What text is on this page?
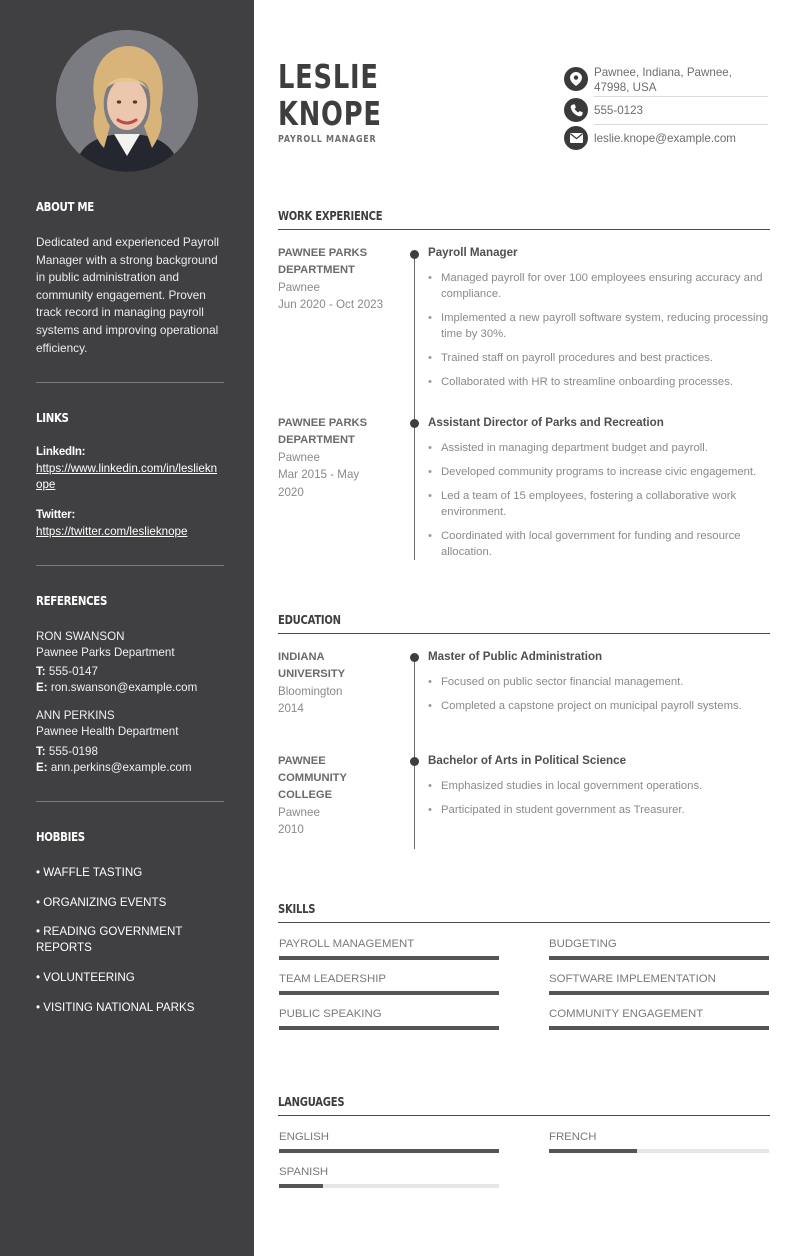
ABOUT ME
Dedicated and experienced Payroll Manager with a strong background in public administration and community engagement. Proven track record in managing payroll systems and improving operational efficiency.
LINKS
LinkedIn:
https://www.linkedin.com/in/leslieknope
Twitter:
https://twitter.com/leslieknope
REFERENCES
RON SWANSON
Pawnee Parks Department
T: 555-0147
E: ron.swanson@example.com
ANN PERKINS
Pawnee Health Department
T: 555-0198
E: ann.perkins@example.com
HOBBIES
• WAFFLE TASTING
• ORGANIZING EVENTS
• READING GOVERNMENT REPORTS
• VOLUNTEERING
• VISITING NATIONAL PARKS
LESLIE
KNOPE
PAYROLL MANAGER
Pawnee, Indiana, Pawnee, 47998, USA
555-0123
leslie.knope@example.com
WORK EXPERIENCE
PAWNEE PARKS DEPARTMENT
Pawnee
Jun 2020 - Oct 2023
Payroll Manager
• Managed payroll for over 100 employees ensuring accuracy and compliance.
• Implemented a new payroll software system, reducing processing time by 30%.
• Trained staff on payroll procedures and best practices.
• Collaborated with HR to streamline onboarding processes.
PAWNEE PARKS DEPARTMENT
Pawnee
Mar 2015 - May 2020
Assistant Director of Parks and Recreation
• Assisted in managing department budget and payroll.
• Developed community programs to increase civic engagement.
• Led a team of 15 employees, fostering a collaborative work environment.
• Coordinated with local government for funding and resource allocation.
EDUCATION
INDIANA UNIVERSITY
Bloomington
2014
Master of Public Administration
• Focused on public sector financial management.
• Completed a capstone project on municipal payroll systems.
PAWNEE COMMUNITY COLLEGE
Pawnee
2010
Bachelor of Arts in Political Science
• Emphasized studies in local government operations.
• Participated in student government as Treasurer.
SKILLS
PAYROLL MANAGEMENT	BUDGETING
TEAM LEADERSHIP	SOFTWARE IMPLEMENTATION
PUBLIC SPEAKING	COMMUNITY ENGAGEMENT
LANGUAGES
ENGLISH	FRENCH
SPANISH
